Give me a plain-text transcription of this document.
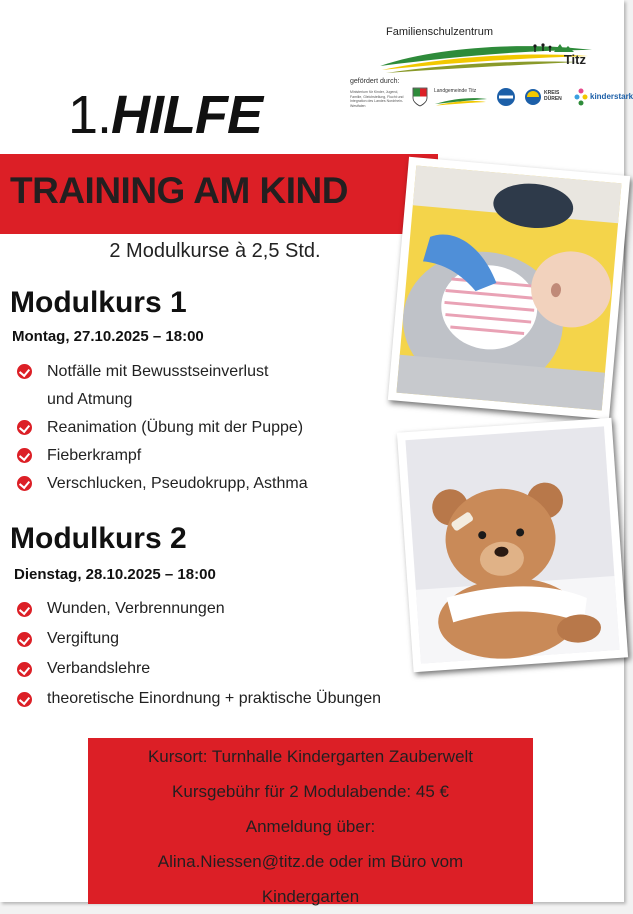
Familienschulzentrum
Titz
gefördert durch:
Ministerium für Kinder, Jugend, Familie, Gleichstellung, Flucht und Integration des Landes Nordrhein-Westfalen
Landgemeinde Titz	KREIS DÜREN	kinderstark
1.HILFE
TRAINING AM KIND
2 Modulkurse à 2,5 Std.
Modulkurs 1
Montag, 27.10.2025 – 18:00
Notfälle mit Bewusstseinverlust
und Atmung
Reanimation (Übung mit der Puppe)
Fieberkrampf
Verschlucken, Pseudokrupp, Asthma
Modulkurs 2
Dienstag, 28.10.2025 – 18:00
Wunden, Verbrennungen
Vergiftung
Verbandslehre
theoretische Einordnung + praktische Übungen
Kursort: Turnhalle Kindergarten Zauberwelt
Kursgebühr für 2 Modulabende: 45 €
Anmeldung über:
Alina.Niessen@titz.de oder im Büro vom
Kindergarten
